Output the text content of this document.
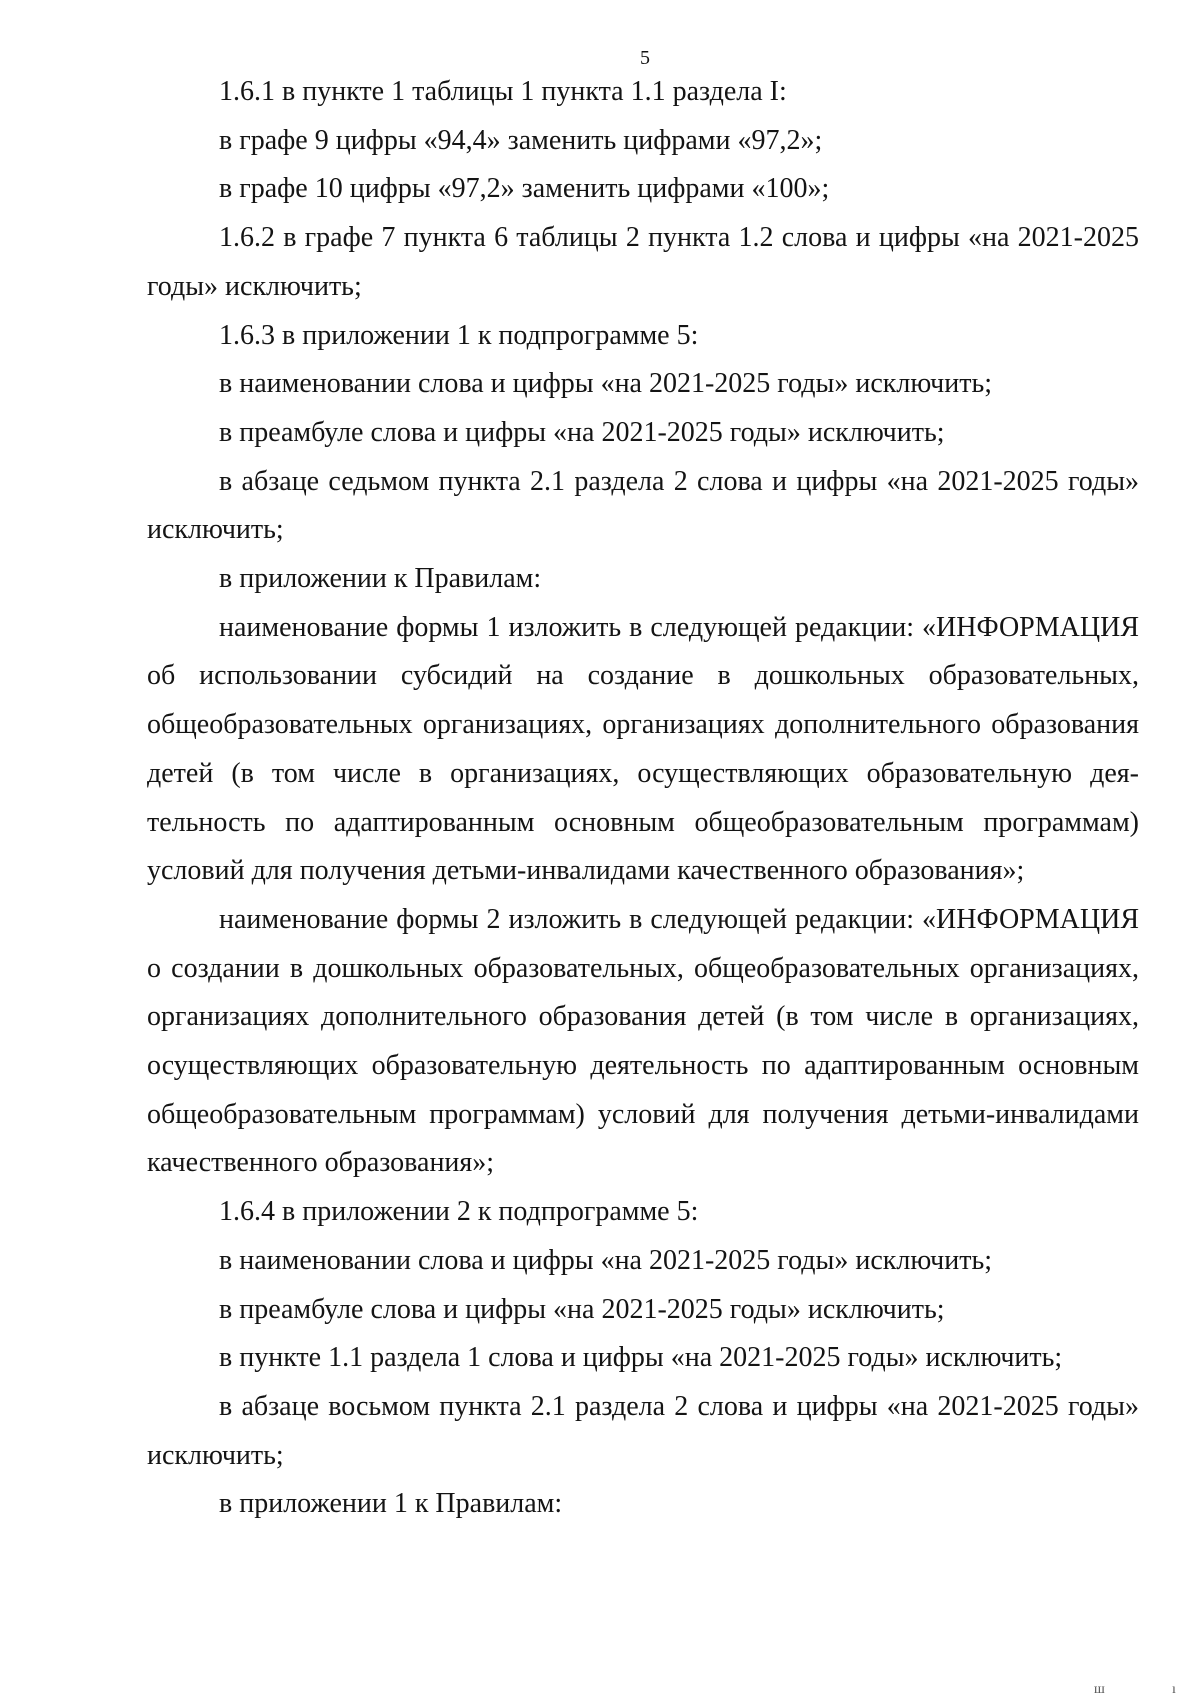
5

1.6.1 в пункте 1 таблицы 1 пункта 1.1 раздела I:

в графе 9 цифры «94,4» заменить цифрами «97,2»;

в графе 10 цифры «97,2» заменить цифрами «100»;

1.6.2 в графе 7 пункта 6 таблицы 2 пункта 1.2 слова и цифры «на 2021-2025 годы» исключить;

1.6.3 в приложении 1 к подпрограмме 5:

в наименовании слова и цифры «на 2021-2025 годы» исключить;

в преамбуле слова и цифры «на 2021-2025 годы» исключить;

в абзаце седьмом пункта 2.1 раздела 2 слова и цифры «на 2021-2025 годы» исключить;

в приложении к Правилам:

наименование формы 1 изложить в следующей редакции: «ИНФОРМАЦИЯ об использовании субсидий на создание в дошкольных образовательных, общеобразовательных организациях, организациях дополнительного образования детей (в том числе в организациях, осуществляющих образовательную деятельность по адаптированным основным общеобразовательным программам) условий для получения детьми-инвалидами качественного образования»;

наименование формы 2 изложить в следующей редакции: «ИНФОРМАЦИЯ о создании в дошкольных образовательных, общеобразовательных организациях, организациях дополнительного образования детей (в том числе в организациях, осуществляющих образовательную деятельность по адаптированным основным общеобразовательным программам) условий для получения детьми-инвалидами качественного образования»;

1.6.4 в приложении 2 к подпрограмме 5:

в наименовании слова и цифры «на 2021-2025 годы» исключить;

в преамбуле слова и цифры «на 2021-2025 годы» исключить;

в пункте 1.1 раздела 1 слова и цифры «на 2021-2025 годы» исключить;

в абзаце восьмом пункта 2.1 раздела 2 слова и цифры «на 2021-2025 годы» исключить;

в приложении 1 к Правилам:

ш	ı
